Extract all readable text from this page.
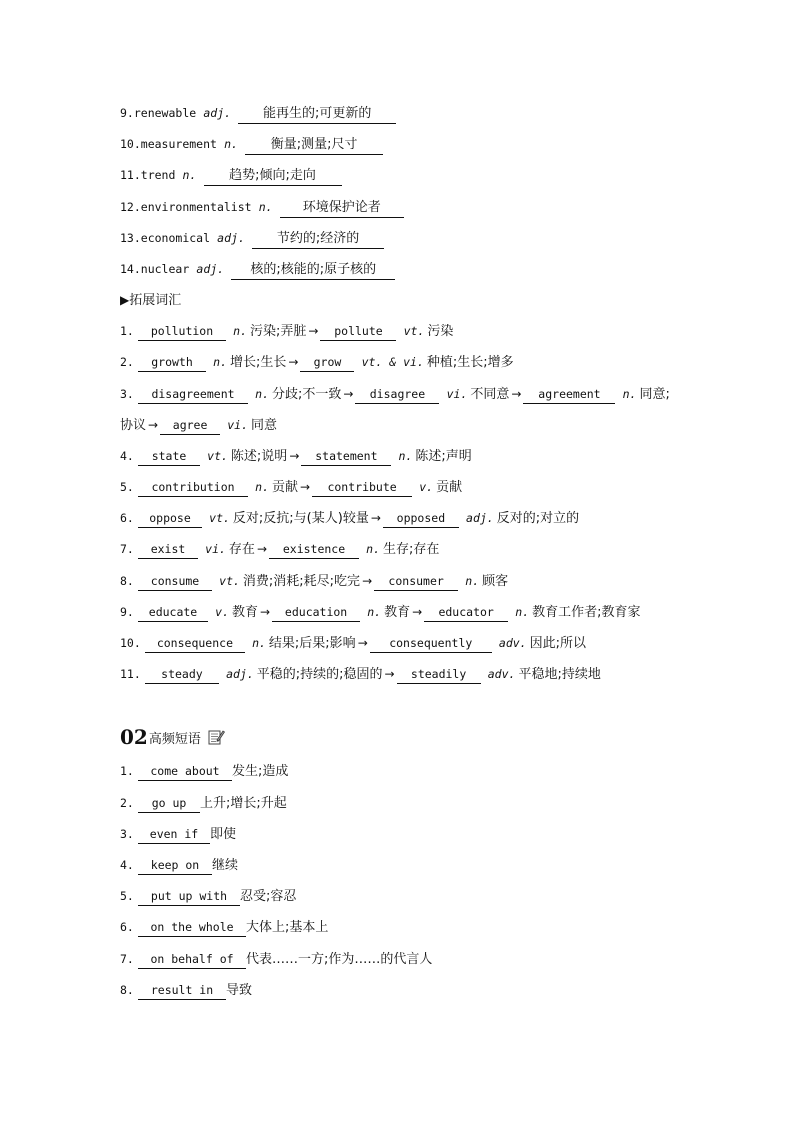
9.renewable adj. 能再生的;可更新的
10.measurement n.	衡量;测量;尺寸
11.trend n.	趋势;倾向;走向
12.environmentalist n. 环境保护论者
13.economical adj. 节约的;经济的
14.nuclear adj. 核的;核能的;原子核的
▶拓展词汇
1. pollution n. 污染;弄脏 → pollute vt. 污染
2. growth n. 增长;生长 → grow vt. & vi. 种植;生长;增多
3. disagreement n. 分歧;不一致 → disagree vi. 不同意 → agreement n. 同意;
协议 → agree vi. 同意
4. state vt. 陈述;说明 → statement n. 陈述;声明
5. contribution n. 贡献 → contribute v. 贡献
6. oppose vt. 反对;反抗;与(某人)较量 → opposed adj. 反对的;对立的
7. exist vi. 存在 → existence n. 生存;存在
8. consume vt. 消费;消耗;耗尽;吃完 → consumer n. 顾客
9. educate v. 教育 → education n. 教育 → educator n. 教育工作者;教育家
10. consequence n. 结果;后果;影响 → consequently adv. 因此;所以
11. steady adj. 平稳的;持续的;稳固的 → steadily adv. 平稳地;持续地
02 高频短语
1. come about 发生;造成
2. go up 上升;增长;升起
3. even if 即使
4. keep on 继续
5. put up with 忍受;容忍
6. on the whole 大体上;基本上
7. on behalf of 代表……一方;作为……的代言人
8. result in 导致
